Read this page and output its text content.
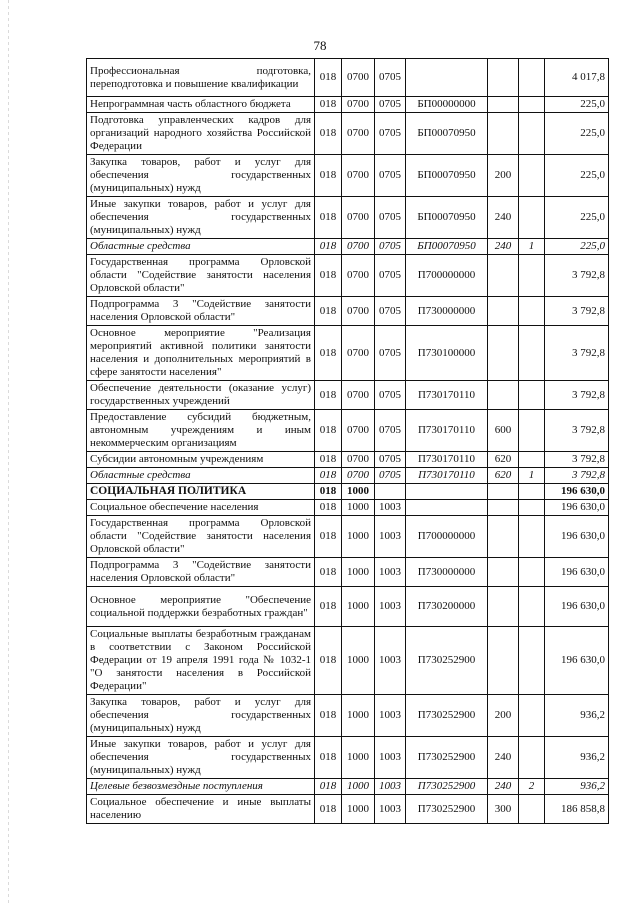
78
Профессиональная подготовка, переподготовка и повышение квалификации	018	0700	0705				4 017,8
Непрограммная часть областного бюджета	018	0700	0705	БП00000000			225,0
Подготовка управленческих кадров для организаций народного хозяйства Российской Федерации	018	0700	0705	БП00070950			225,0
Закупка товаров, работ и услуг для обеспечения государственных (муниципальных) нужд	018	0700	0705	БП00070950	200		225,0
Иные закупки товаров, работ и услуг для обеспечения государственных (муниципальных) нужд	018	0700	0705	БП00070950	240		225,0
Областные средства	018	0700	0705	БП00070950	240	1	225,0
Государственная программа Орловской области "Содействие занятости населения Орловской области"	018	0700	0705	П700000000			3 792,8
Подпрограмма 3 "Содействие занятости населения Орловской области"	018	0700	0705	П730000000			3 792,8
Основное мероприятие "Реализация мероприятий активной политики занятости населения и дополнительных мероприятий в сфере занятости населения"	018	0700	0705	П730100000			3 792,8
Обеспечение деятельности (оказание услуг) государственных учреждений	018	0700	0705	П730170110			3 792,8
Предоставление субсидий бюджетным, автономным учреждениям и иным некоммерческим организациям	018	0700	0705	П730170110	600		3 792,8
Субсидии автономным учреждениям	018	0700	0705	П730170110	620		3 792,8
Областные средства	018	0700	0705	П730170110	620	1	3 792,8
СОЦИАЛЬНАЯ ПОЛИТИКА	018	1000					196 630,0
Социальное обеспечение населения	018	1000	1003				196 630,0
Государственная программа Орловской области "Содействие занятости населения Орловской области"	018	1000	1003	П700000000			196 630,0
Подпрограмма 3 "Содействие занятости населения Орловской области"	018	1000	1003	П730000000			196 630,0
Основное мероприятие "Обеспечение социальной поддержки безработных граждан"	018	1000	1003	П730200000			196 630,0
Социальные выплаты безработным гражданам в соответствии с Законом Российской Федерации от 19 апреля 1991 года № 1032-1 "О занятости населения в Российской Федерации"	018	1000	1003	П730252900			196 630,0
Закупка товаров, работ и услуг для обеспечения государственных (муниципальных) нужд	018	1000	1003	П730252900	200		936,2
Иные закупки товаров, работ и услуг для обеспечения государственных (муниципальных) нужд	018	1000	1003	П730252900	240		936,2
Целевые безвозмездные поступления	018	1000	1003	П730252900	240	2	936,2
Социальное обеспечение и иные выплаты населению	018	1000	1003	П730252900	300		186 858,8
